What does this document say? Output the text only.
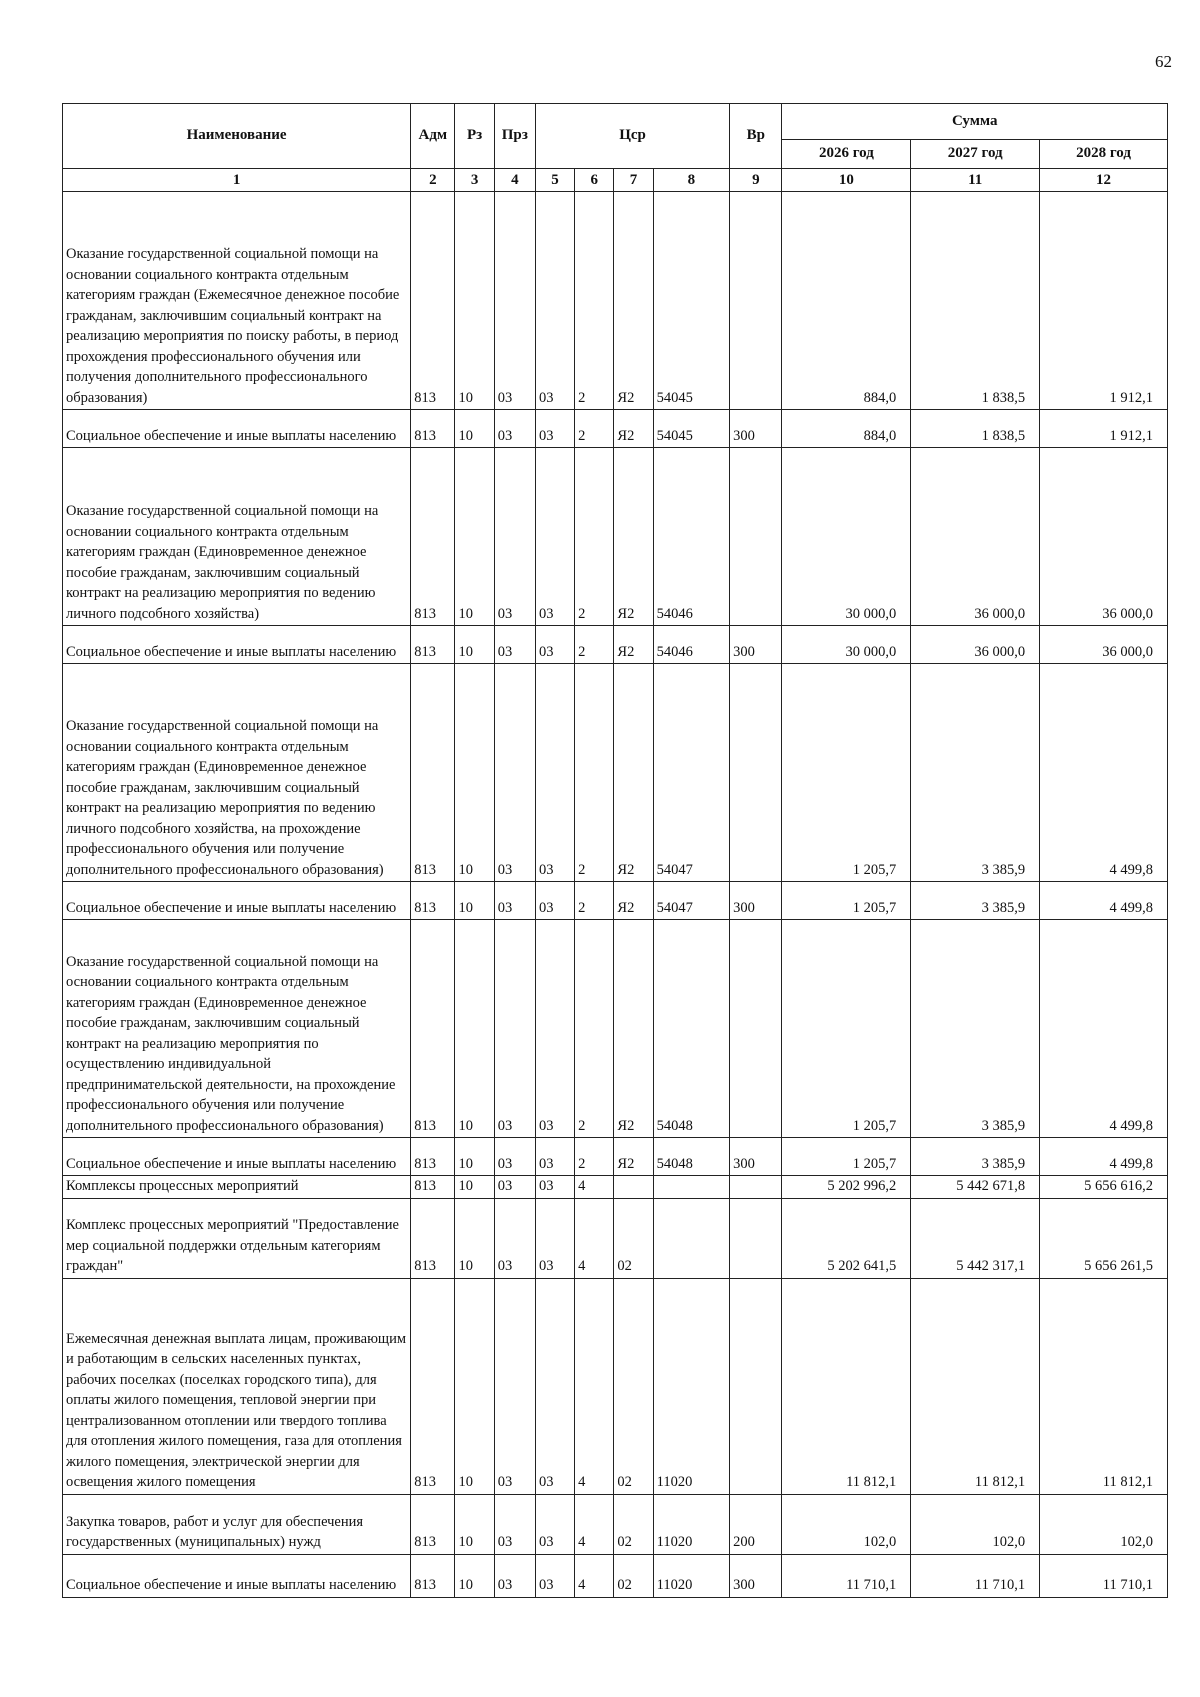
62
Наименование	Адм	Рз	Прз	Цср				Вр	Сумма		
									2026 год	2027 год	2028 год
1	2	3	4	5	6	7	8	9	10	11	12
Оказание государственной социальной помощи на основании социального контракта отдельным категориям граждан (Ежемесячное денежное пособие гражданам, заключившим социальный контракт на реализацию мероприятия по поиску работы, в период прохождения профессионального обучения или получения дополнительного профессионального образования)	813	10	03	03	2	Я2	54045		884,0	1 838,5	1 912,1
Социальное обеспечение и иные выплаты населению	813	10	03	03	2	Я2	54045	300	884,0	1 838,5	1 912,1
Оказание государственной социальной помощи на основании социального контракта отдельным категориям граждан (Единовременное денежное пособие гражданам, заключившим социальный контракт на реализацию мероприятия по ведению личного подсобного хозяйства)	813	10	03	03	2	Я2	54046		30 000,0	36 000,0	36 000,0
Социальное обеспечение и иные выплаты населению	813	10	03	03	2	Я2	54046	300	30 000,0	36 000,0	36 000,0
Оказание государственной социальной помощи на основании социального контракта отдельным категориям граждан (Единовременное денежное пособие гражданам, заключившим социальный контракт на реализацию мероприятия по ведению личного подсобного хозяйства, на прохождение профессионального обучения или получение дополнительного профессионального образования)	813	10	03	03	2	Я2	54047		1 205,7	3 385,9	4 499,8
Социальное обеспечение и иные выплаты населению	813	10	03	03	2	Я2	54047	300	1 205,7	3 385,9	4 499,8
Оказание государственной социальной помощи на основании социального контракта отдельным категориям граждан (Единовременное денежное пособие гражданам, заключившим социальный контракт на реализацию мероприятия по осуществлению индивидуальной предпринимательской деятельности, на прохождение профессионального обучения или получение дополнительного профессионального образования)	813	10	03	03	2	Я2	54048		1 205,7	3 385,9	4 499,8
Социальное обеспечение и иные выплаты населению	813	10	03	03	2	Я2	54048	300	1 205,7	3 385,9	4 499,8
Комплексы процессных мероприятий	813	10	03	03	4				5 202 996,2	5 442 671,8	5 656 616,2
Комплекс процессных мероприятий "Предоставление мер социальной поддержки отдельным категориям граждан"	813	10	03	03	4	02			5 202 641,5	5 442 317,1	5 656 261,5
Ежемесячная денежная выплата лицам, проживающим и работающим в сельских населенных пунктах, рабочих поселках (поселках городского типа), для оплаты жилого помещения, тепловой энергии при централизованном отоплении или твердого топлива для отопления жилого помещения, газа для отопления жилого помещения, электрической энергии для освещения жилого помещения	813	10	03	03	4	02	11020		11 812,1	11 812,1	11 812,1
Закупка товаров, работ и услуг для обеспечения государственных (муниципальных) нужд	813	10	03	03	4	02	11020	200	102,0	102,0	102,0
Социальное обеспечение и иные выплаты населению	813	10	03	03	4	02	11020	300	11 710,1	11 710,1	11 710,1
